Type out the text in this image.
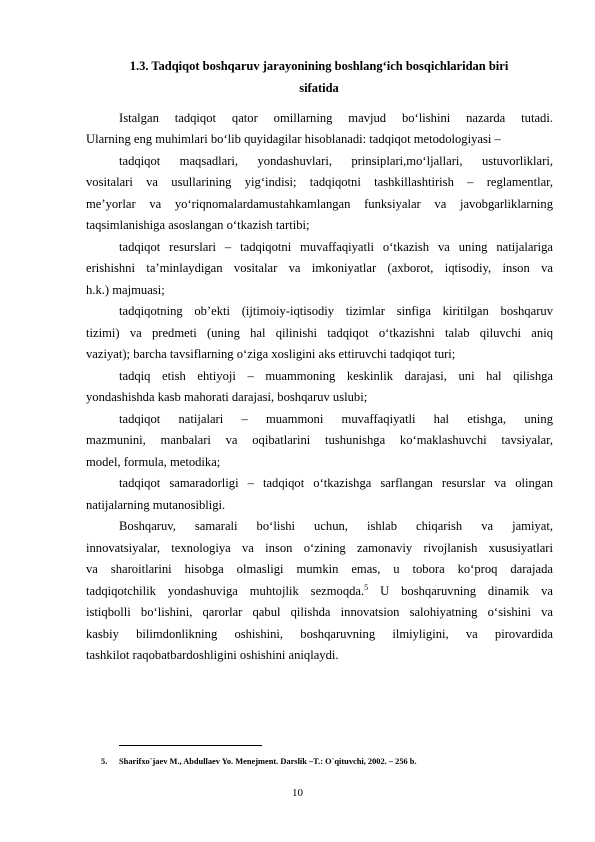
1.3. Tadqiqot boshqaruv jarayonining boshlang‘ich bosqichlaridan biri
sifatida
Istalgan tadqiqot qator omillarning mavjud bo‘lishini nazarda tutadi.
Ularning eng muhimlari bo‘lib quyidagilar hisoblanadi: tadqiqot metodologiyasi –
tadqiqot maqsadlari, yondashuvlari, prinsiplari,mo‘ljallari, ustuvorliklari,
vositalari va usullarining yig‘indisi; tadqiqotni tashkillashtirish – reglamentlar,
me’yorlar va yo‘riqnomalardamustahkamlangan funksiyalar va javobgarliklarning
taqsimlanishiga asoslangan o‘tkazish tartibi;
tadqiqot resurslari – tadqiqotni muvaffaqiyatli o‘tkazish va uning natijalariga
erishishni ta’minlaydigan vositalar va imkoniyatlar (axborot, iqtisodiy, inson va
h.k.) majmuasi;
tadqiqotning ob’ekti (ijtimoiy-iqtisodiy tizimlar sinfiga kiritilgan boshqaruv
tizimi) va predmeti (uning hal qilinishi tadqiqot o‘tkazishni talab qiluvchi aniq
vaziyat); barcha tavsiflarning o‘ziga xosligini aks ettiruvchi tadqiqot turi;
tadqiq etish ehtiyoji – muammoning keskinlik darajasi, uni hal qilishga
yondashishda kasb mahorati darajasi, boshqaruv uslubi;
tadqiqot natijalari – muammoni muvaffaqiyatli hal etishga, uning
mazmunini, manbalari va oqibatlarini tushunishga ko‘maklashuvchi tavsiyalar,
model, formula, metodika;
tadqiqot samaradorligi – tadqiqot o‘tkazishga sarflangan resurslar va olingan
natijalarning mutanosibligi.
Boshqaruv, samarali bo‘lishi uchun, ishlab chiqarish va jamiyat,
innovatsiyalar, texnologiya va inson o‘zining zamonaviy rivojlanish xususiyatlari
va sharoitlarini hisobga olmasligi mumkin emas, u tobora ko‘proq darajada
tadqiqotchilik yondashuviga muhtojlik sezmoqda.$^5$ U boshqaruvning dinamik va
istiqbolli bo‘lishini, qarorlar qabul qilishda innovatsion salohiyatning o‘sishini va
kasbiy bilimdonlikning oshishini, boshqaruvning ilmiyligini, va pirovardida
tashkilot raqobatbardoshligini oshishini aniqlaydi.
5. Sharifxo`jaev M., Abdullaev Yo. Menejment. Darslik –T.: O`qituvchi, 2002. – 256 b.
10
